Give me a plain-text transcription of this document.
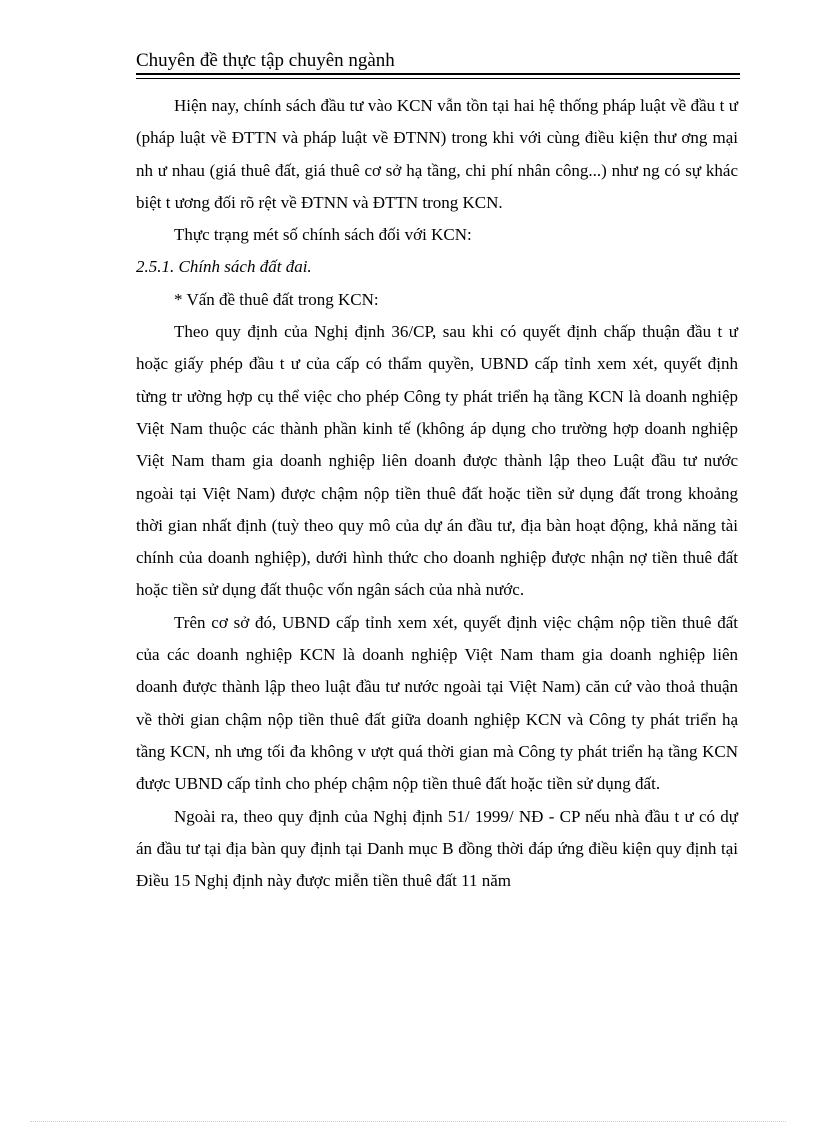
Chuyên đề thực tập chuyên ngành

Hiện nay, chính sách đầu tư vào KCN vẫn tồn tại hai hệ thống pháp luật về đầu t ư (pháp luật về ĐTTN và pháp luật về ĐTNN) trong khi với cùng điều kiện thư ơng mại nh ư nhau (giá thuê đất, giá thuê cơ sở hạ tầng, chi phí nhân công...) như ng có sự khác biệt t ương đối rõ rệt về ĐTNN và ĐTTN trong KCN.

Thực trạng mét số chính sách đối với KCN:

2.5.1. Chính sách đất đai.

* Vấn đề thuê đất trong KCN:

Theo quy định của Nghị định 36/CP, sau khi có quyết định chấp thuận đầu t ư hoặc giấy phép đầu t ư của cấp có thẩm quyền, UBND cấp tỉnh xem xét, quyết định từng tr ường hợp cụ thể việc cho phép Công ty phát triển hạ tầng KCN là doanh nghiệp Việt Nam thuộc các thành phần kinh tế (không áp dụng cho trường hợp doanh nghiệp Việt Nam tham gia doanh nghiệp liên doanh được thành lập theo Luật đầu tư nước ngoài tại Việt Nam) được chậm nộp tiền thuê đất hoặc tiền sử dụng đất trong khoảng thời gian nhất định (tuỳ theo quy mô của dự án đầu tư, địa bàn hoạt động, khả năng tài chính của doanh nghiệp), dưới hình thức cho doanh nghiệp được nhận nợ tiền thuê đất hoặc tiền sử dụng đất thuộc vốn ngân sách của nhà nước.

Trên cơ sở đó, UBND cấp tỉnh xem xét, quyết định việc chậm nộp tiền thuê đất của các doanh nghiệp KCN là doanh nghiệp Việt Nam tham gia doanh nghiệp liên doanh được thành lập theo luật đầu tư nước ngoài tại Việt Nam) căn cứ vào thoả thuận về thời gian chậm nộp tiền thuê đất giữa doanh nghiệp KCN và Công ty phát triển hạ tầng KCN, nh ưng tối đa không v ượt quá thời gian mà Công ty phát triển hạ tầng KCN được UBND cấp tỉnh cho phép chậm nộp tiền thuê đất hoặc tiền sử dụng đất.

Ngoài ra, theo quy định của Nghị định 51/ 1999/ NĐ - CP nếu nhà đầu t ư có dự án đầu tư tại địa bàn quy định tại Danh mục B đồng thời đáp ứng điều kiện quy định tại Điều 15 Nghị định này được miễn tiền thuê đất 11 năm
